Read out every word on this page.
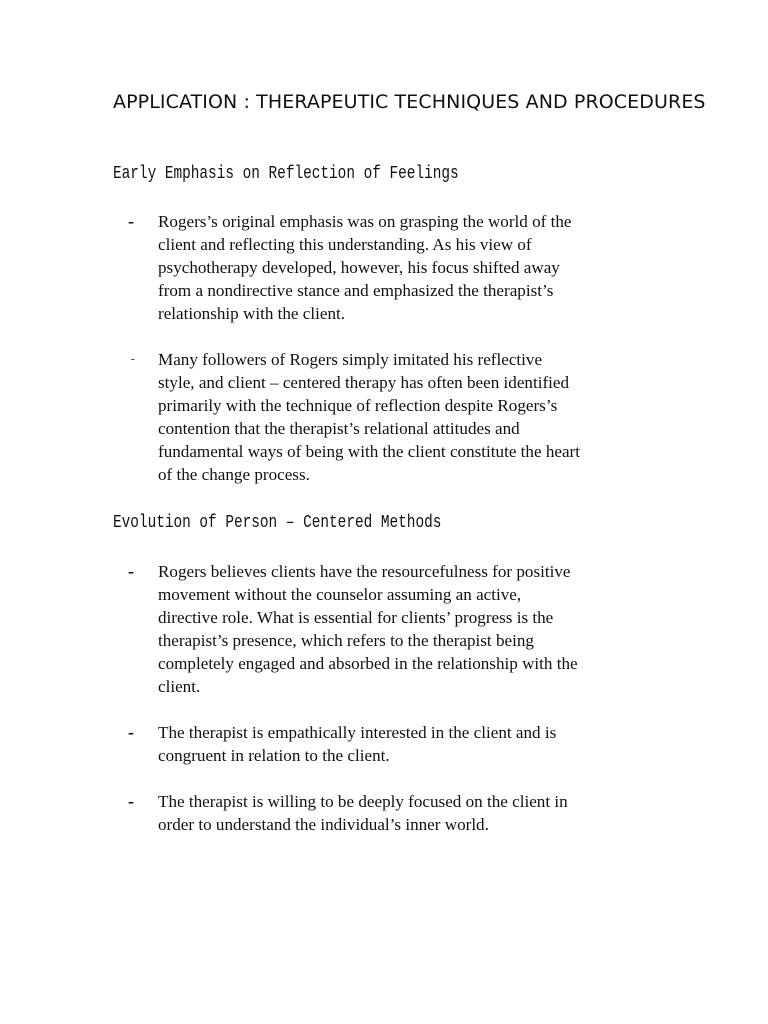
APPLICATION : THERAPEUTIC TECHNIQUES AND PROCEDURES
Early Emphasis on Reflection of Feelings
- Rogers’s original emphasis was on grasping the world of the
client and reflecting this understanding. As his view of
psychotherapy developed, however, his focus shifted away
from a nondirective stance and emphasized the therapist’s
relationship with the client.
- Many followers of Rogers simply imitated his reflective
style, and client – centered therapy has often been identified
primarily with the technique of reflection despite Rogers’s
contention that the therapist’s relational attitudes and
fundamental ways of being with the client constitute the heart
of the change process.
Evolution of Person – Centered Methods
- Rogers believes clients have the resourcefulness for positive
movement without the counselor assuming an active,
directive role. What is essential for clients’ progress is the
therapist’s presence, which refers to the therapist being
completely engaged and absorbed in the relationship with the
client.
- The therapist is empathically interested in the client and is
congruent in relation to the client.
- The therapist is willing to be deeply focused on the client in
order to understand the individual’s inner world.
